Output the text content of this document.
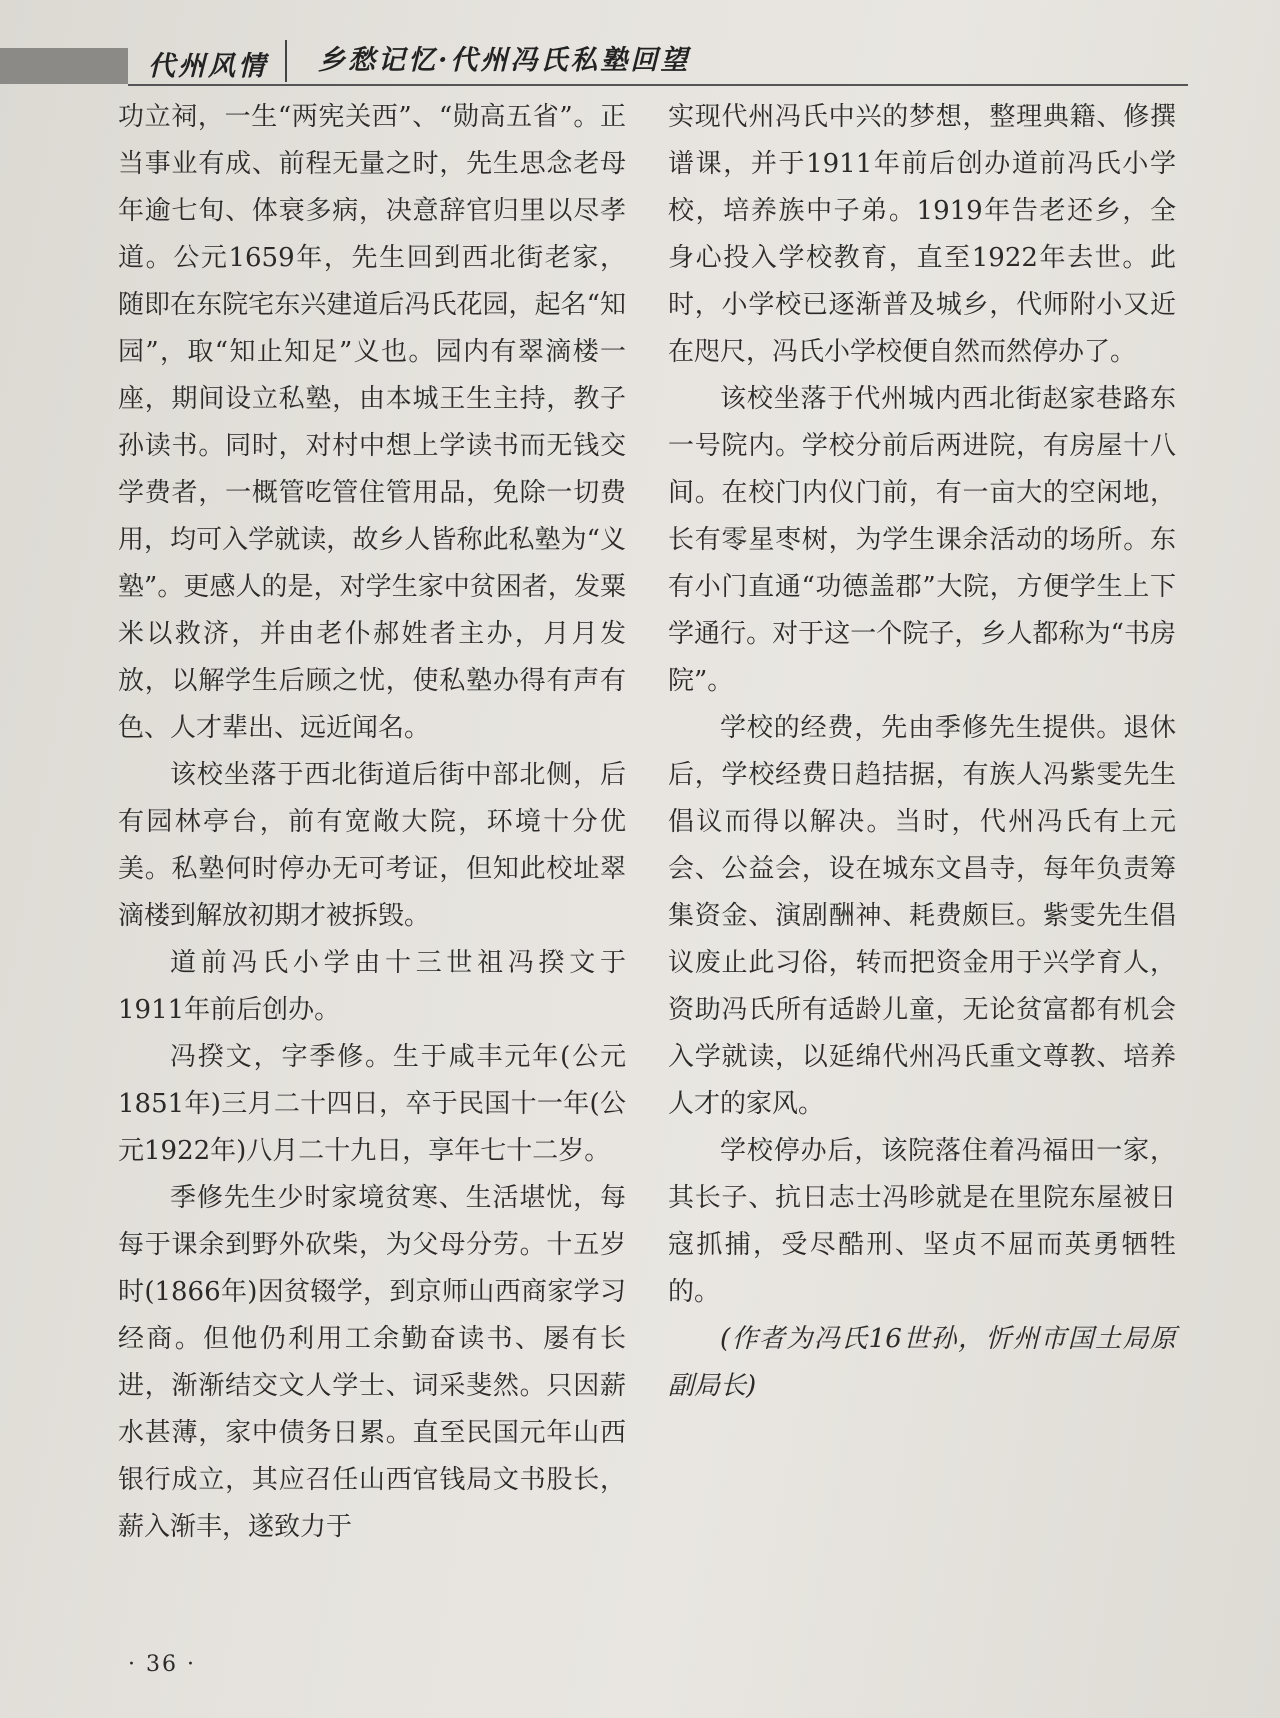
代州风情 乡愁记忆·代州冯氏私塾回望

功立祠，一生“两宪关西”、“勋高五省”。正当事业有成、前程无量之时，先生思念老母年逾七旬、体衰多病，决意辞官归里以尽孝道。公元1659年，先生回到西北街老家，随即在东院宅东兴建道后冯氏花园，起名“知园”，取“知止知足”义也。园内有翠滴楼一座，期间设立私塾，由本城王生主持，教子孙读书。同时，对村中想上学读书而无钱交学费者，一概管吃管住管用品，免除一切费用，均可入学就读，故乡人皆称此私塾为“义塾”。更感人的是，对学生家中贫困者，发粟米以救济，并由老仆郝姓者主办，月月发放，以解学生后顾之忧，使私塾办得有声有色、人才辈出、远近闻名。

该校坐落于西北街道后街中部北侧，后有园林亭台，前有宽敞大院，环境十分优美。私塾何时停办无可考证，但知此校址翠滴楼到解放初期才被拆毁。

道前冯氏小学由十三世祖冯揆文于1911年前后创办。

冯揆文，字季修。生于咸丰元年(公元1851年)三月二十四日，卒于民国十一年(公元1922年)八月二十九日，享年七十二岁。

季修先生少时家境贫寒、生活堪忧，每每于课余到野外砍柴，为父母分劳。十五岁时(1866年)因贫辍学，到京师山西商家学习经商。但他仍利用工余勤奋读书、屡有长进，渐渐结交文人学士、词采斐然。只因薪水甚薄，家中债务日累。直至民国元年山西银行成立，其应召任山西官钱局文书股长，薪入渐丰，遂致力于

实现代州冯氏中兴的梦想，整理典籍、修撰谱课，并于1911年前后创办道前冯氏小学校，培养族中子弟。1919年告老还乡，全身心投入学校教育，直至1922年去世。此时，小学校已逐渐普及城乡，代师附小又近在咫尺，冯氏小学校便自然而然停办了。

该校坐落于代州城内西北街赵家巷路东一号院内。学校分前后两进院，有房屋十八间。在校门内仪门前，有一亩大的空闲地，长有零星枣树，为学生课余活动的场所。东有小门直通“功德盖郡”大院，方便学生上下学通行。对于这一个院子，乡人都称为“书房院”。

学校的经费，先由季修先生提供。退休后，学校经费日趋拮据，有族人冯紫雯先生倡议而得以解决。当时，代州冯氏有上元会、公益会，设在城东文昌寺，每年负责筹集资金、演剧酬神、耗费颇巨。紫雯先生倡议废止此习俗，转而把资金用于兴学育人，资助冯氏所有适龄儿童，无论贫富都有机会入学就读，以延绵代州冯氏重文尊教、培养人才的家风。

学校停办后，该院落住着冯福田一家，其长子、抗日志士冯昣就是在里院东屋被日寇抓捕，受尽酷刑、坚贞不屈而英勇牺牲的。

(作者为冯氏16世孙，忻州市国土局原副局长)

· 36 ·
